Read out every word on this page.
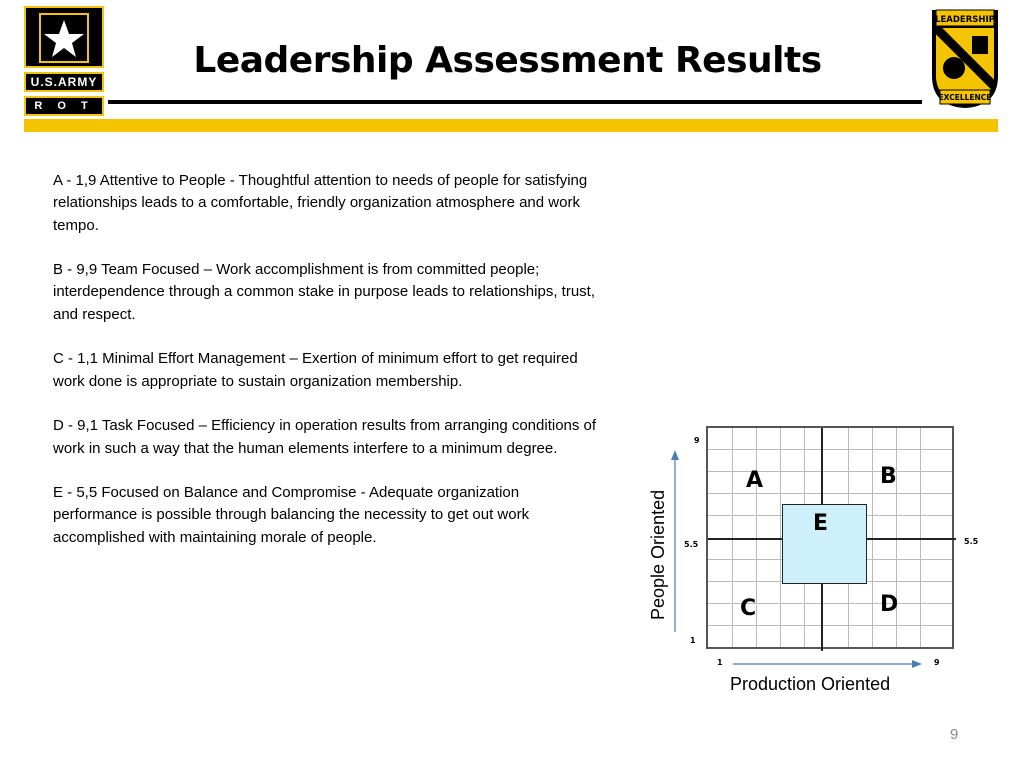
U.S.ARMY
R O T
Leadership Assessment Results
LEADERSHIP
EXCELLENCE

A - 1,9 Attentive to People - Thoughtful attention to needs of people for satisfying relationships leads to a comfortable, friendly organization atmosphere and work tempo.

B - 9,9 Team Focused – Work accomplishment is from committed people; interdependence through a common stake in purpose leads to relationships, trust, and respect.

C - 1,1 Minimal Effort Management – Exertion of minimum effort to get required work done is appropriate to sustain organization membership.

D - 9,1 Task Focused – Efficiency in operation results from arranging conditions of work in such a way that the human elements interfere to a minimum degree.

E - 5,5 Focused on Balance and Compromise - Adequate organization performance is possible through balancing the necessity to get out work accomplished with maintaining morale of people.

E
A	B
C	D
9
5.5
1
5.5
1	9
People Oriented
Production Oriented
9
